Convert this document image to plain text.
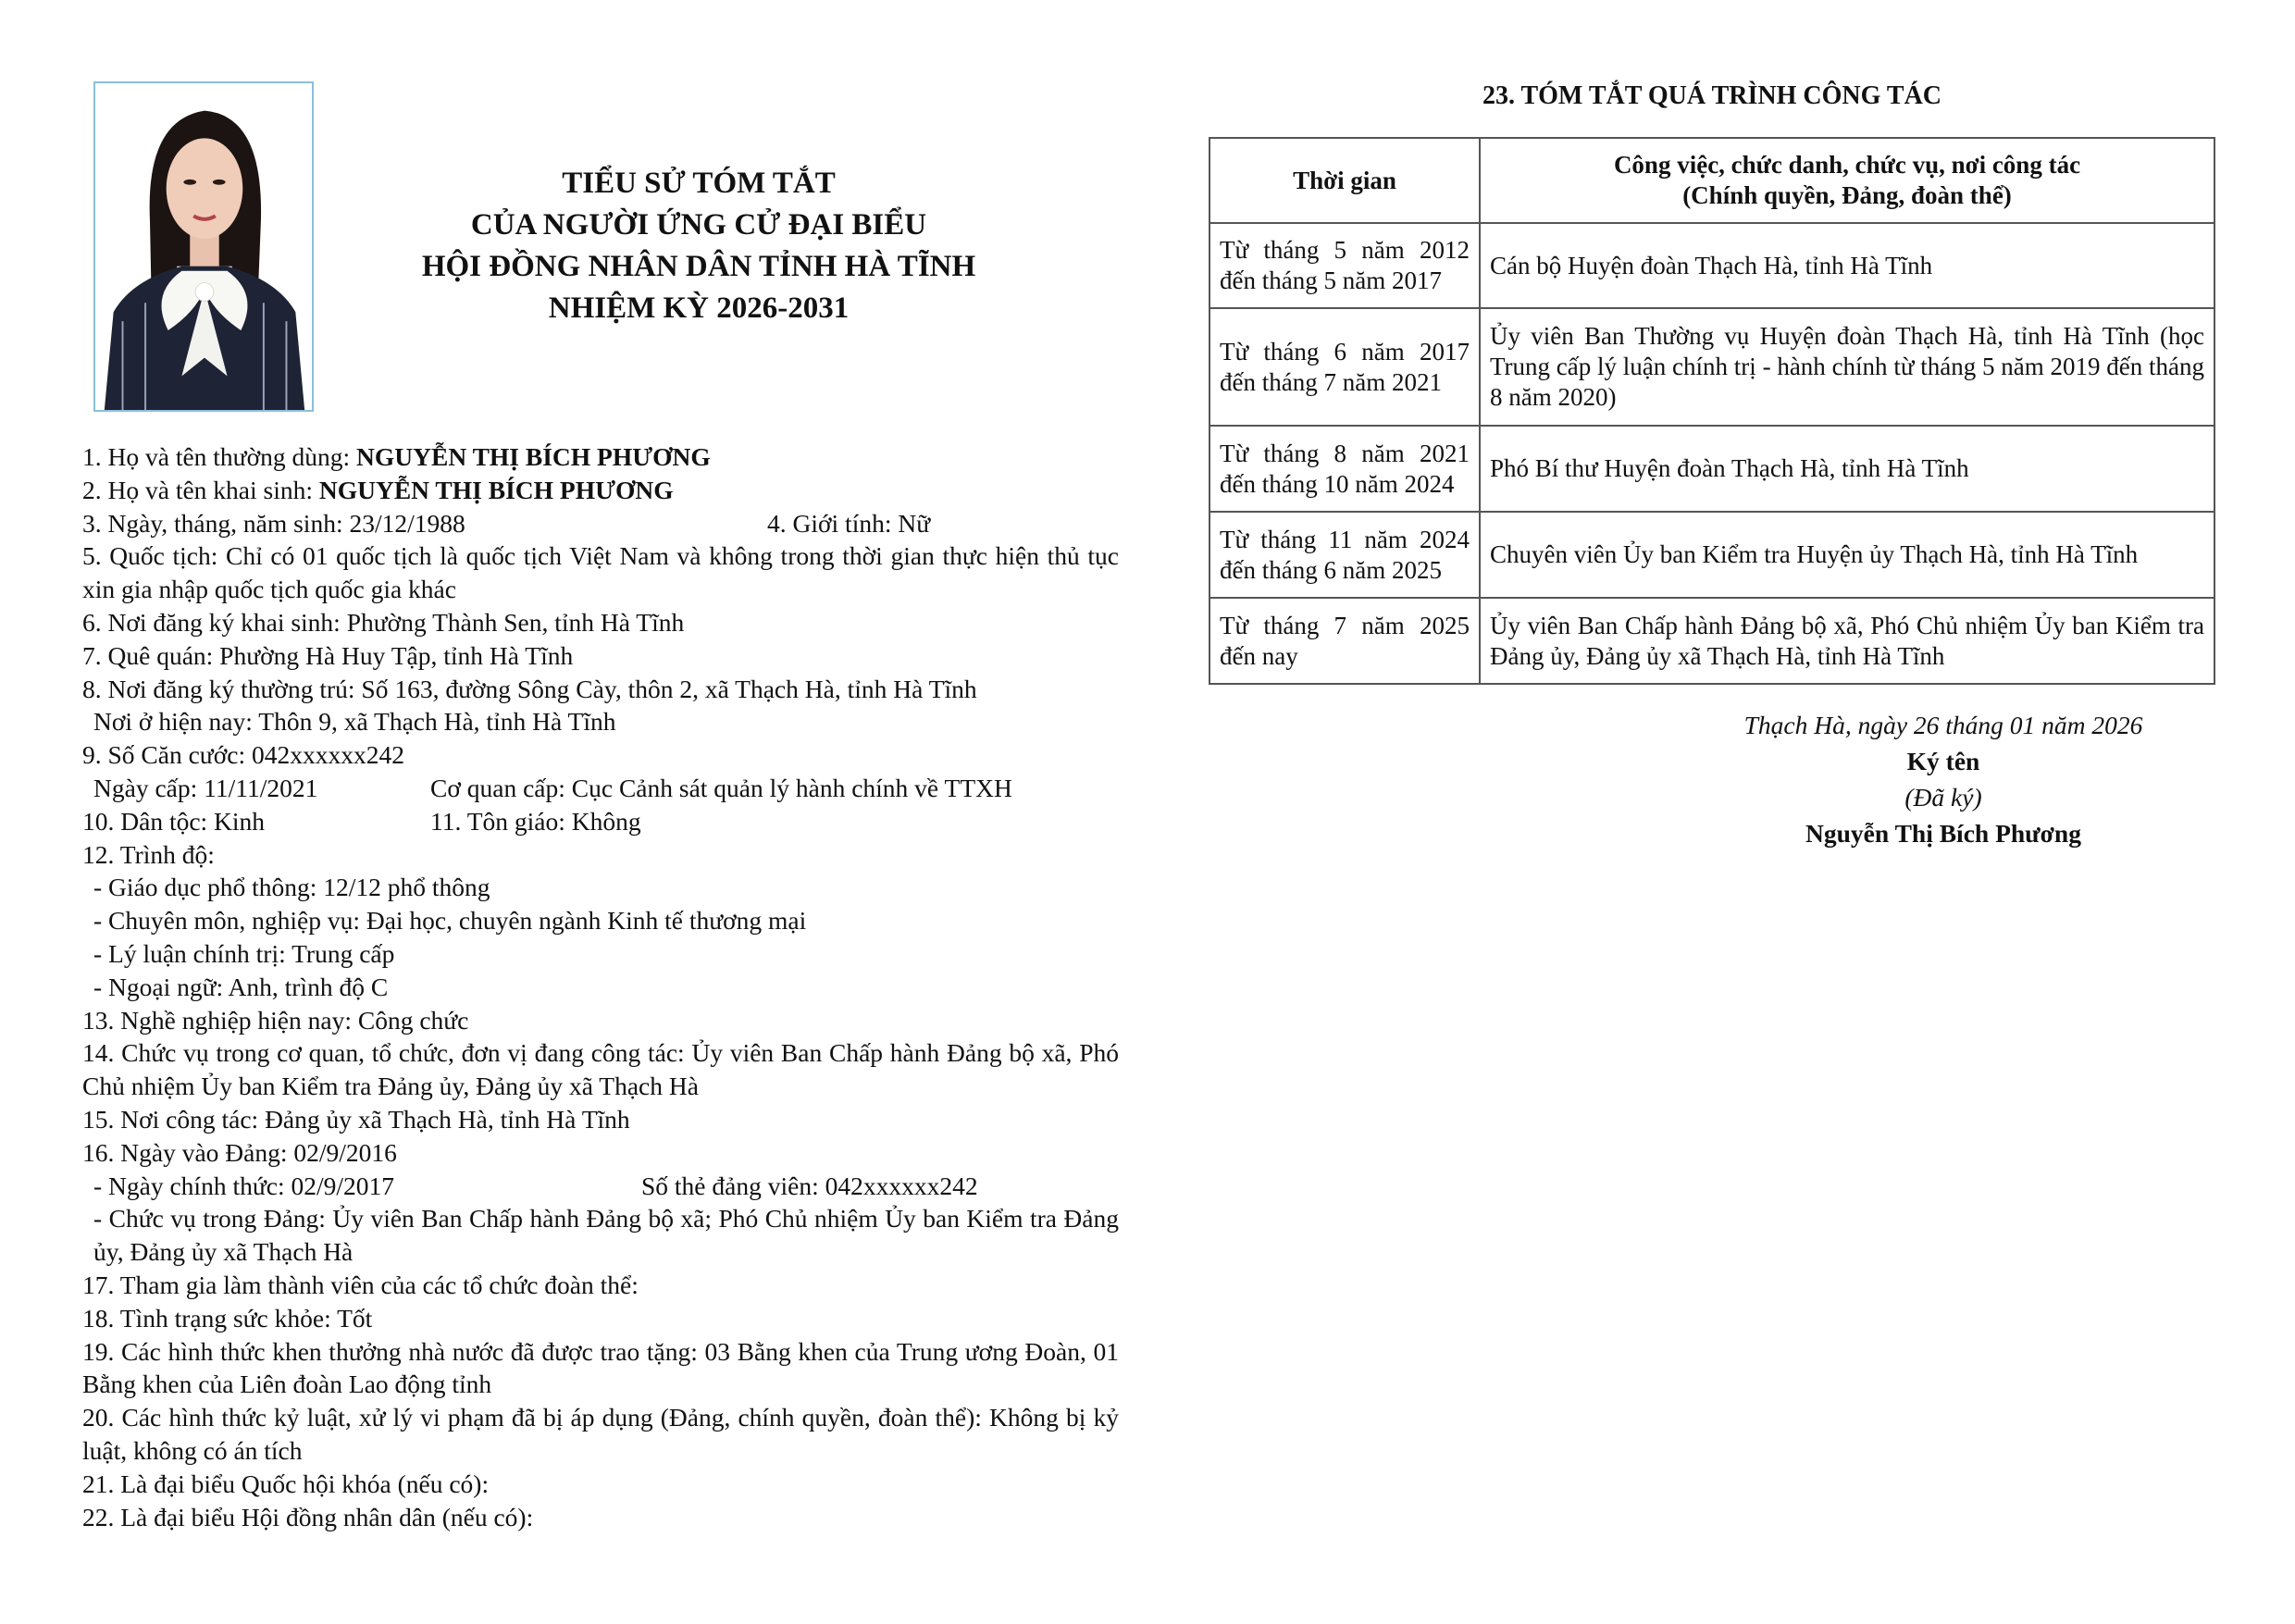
TIỂU SỬ TÓM TẮT
CỦA NGƯỜI ỨNG CỬ ĐẠI BIỂU
HỘI ĐỒNG NHÂN DÂN TỈNH HÀ TĨNH
NHIỆM KỲ 2026-2031
1. Họ và tên thường dùng: NGUYỄN THỊ BÍCH PHƯƠNG
2. Họ và tên khai sinh: NGUYỄN THỊ BÍCH PHƯƠNG
3. Ngày, tháng, năm sinh: 23/12/1988	4. Giới tính: Nữ
5. Quốc tịch: Chỉ có 01 quốc tịch là quốc tịch Việt Nam và không trong thời gian thực hiện thủ tục xin gia nhập quốc tịch quốc gia khác
6. Nơi đăng ký khai sinh: Phường Thành Sen, tỉnh Hà Tĩnh
7. Quê quán: Phường Hà Huy Tập, tỉnh Hà Tĩnh
8. Nơi đăng ký thường trú: Số 163, đường Sông Cày, thôn 2, xã Thạch Hà, tỉnh Hà Tĩnh
Nơi ở hiện nay: Thôn 9, xã Thạch Hà, tỉnh Hà Tĩnh
9. Số Căn cước: 042xxxxxx242
Ngày cấp: 11/11/2021	Cơ quan cấp: Cục Cảnh sát quản lý hành chính về TTXH
10. Dân tộc: Kinh	11. Tôn giáo: Không
12. Trình độ:
- Giáo dục phổ thông: 12/12 phổ thông
- Chuyên môn, nghiệp vụ: Đại học, chuyên ngành Kinh tế thương mại
- Lý luận chính trị: Trung cấp
- Ngoại ngữ: Anh, trình độ C
13. Nghề nghiệp hiện nay: Công chức
14. Chức vụ trong cơ quan, tổ chức, đơn vị đang công tác: Ủy viên Ban Chấp hành Đảng bộ xã, Phó Chủ nhiệm Ủy ban Kiểm tra Đảng ủy, Đảng ủy xã Thạch Hà
15. Nơi công tác: Đảng ủy xã Thạch Hà, tỉnh Hà Tĩnh
16. Ngày vào Đảng: 02/9/2016
- Ngày chính thức: 02/9/2017	Số thẻ đảng viên: 042xxxxxx242
- Chức vụ trong Đảng: Ủy viên Ban Chấp hành Đảng bộ xã; Phó Chủ nhiệm Ủy ban Kiểm tra Đảng ủy, Đảng ủy xã Thạch Hà
17. Tham gia làm thành viên của các tổ chức đoàn thể:
18. Tình trạng sức khỏe: Tốt
19. Các hình thức khen thưởng nhà nước đã được trao tặng: 03 Bằng khen của Trung ương Đoàn, 01 Bằng khen của Liên đoàn Lao động tỉnh
20. Các hình thức kỷ luật, xử lý vi phạm đã bị áp dụng (Đảng, chính quyền, đoàn thể): Không bị kỷ luật, không có án tích
21. Là đại biểu Quốc hội khóa (nếu có):
22. Là đại biểu Hội đồng nhân dân (nếu có):
23. TÓM TẮT QUÁ TRÌNH CÔNG TÁC
Thời gian	Công việc, chức danh, chức vụ, nơi công tác
(Chính quyền, Đảng, đoàn thể)

Từ tháng 5 năm 2012 đến tháng 5 năm 2017	Cán bộ Huyện đoàn Thạch Hà, tỉnh Hà Tĩnh
Từ tháng 6 năm 2017 đến tháng 7 năm 2021	Ủy viên Ban Thường vụ Huyện đoàn Thạch Hà, tỉnh Hà Tĩnh (học Trung cấp lý luận chính trị - hành chính từ tháng 5 năm 2019 đến tháng 8 năm 2020)
Từ tháng 8 năm 2021 đến tháng 10 năm 2024	Phó Bí thư Huyện đoàn Thạch Hà, tỉnh Hà Tĩnh
Từ tháng 11 năm 2024 đến tháng 6 năm 2025	Chuyên viên Ủy ban Kiểm tra Huyện ủy Thạch Hà, tỉnh Hà Tĩnh
Từ tháng 7 năm 2025 đến nay	Ủy viên Ban Chấp hành Đảng bộ xã, Phó Chủ nhiệm Ủy ban Kiểm tra Đảng ủy, Đảng ủy xã Thạch Hà, tỉnh Hà Tĩnh
Thạch Hà, ngày 26 tháng 01 năm 2026
Ký tên
(Đã ký)
Nguyễn Thị Bích Phương
